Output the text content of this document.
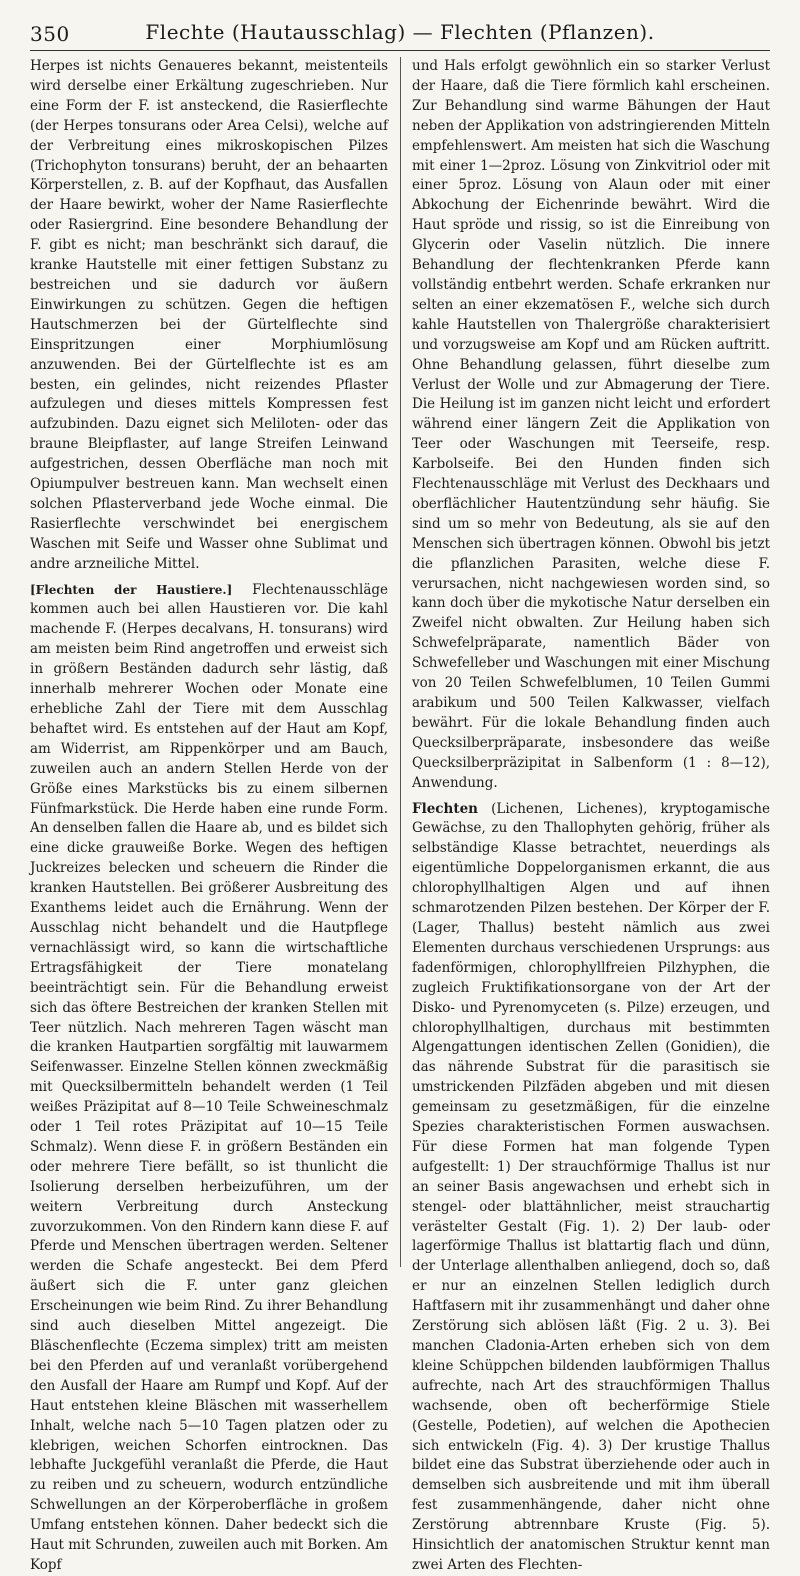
350	Flechte (Hautausschlag) — Flechten (Pflanzen).

Herpes ist nichts Genaueres bekannt, meistenteils wird derselbe einer Erkältung zugeschrieben. Nur eine Form der F. ist ansteckend, die Rasierflechte (der Herpes tonsurans oder Area Celsi), welche auf der Verbreitung eines mikroskopischen Pilzes (Trichophyton tonsurans) beruht, der an behaarten Körperstellen, z. B. auf der Kopfhaut, das Ausfallen der Haare bewirkt, woher der Name Rasierflechte oder Rasiergrind. Eine besondere Behandlung der F. gibt es nicht; man beschränkt sich darauf, die kranke Hautstelle mit einer fettigen Substanz zu bestreichen und sie dadurch vor äußern Einwirkungen zu schützen. Gegen die heftigen Hautschmerzen bei der Gürtelflechte sind Einspritzungen einer Morphiumlösung anzuwenden. Bei der Gürtelflechte ist es am besten, ein gelindes, nicht reizendes Pflaster aufzulegen und dieses mittels Kompressen fest aufzubinden. Dazu eignet sich Meliloten- oder das braune Bleipflaster, auf lange Streifen Leinwand aufgestrichen, dessen Oberfläche man noch mit Opiumpulver bestreuen kann. Man wechselt einen solchen Pflasterverband jede Woche einmal. Die Rasierflechte verschwindet bei energischem Waschen mit Seife und Wasser ohne Sublimat und andre arzneiliche Mittel.

[Flechten der Haustiere.] Flechtenausschläge kommen auch bei allen Haustieren vor. Die kahl machende F. (Herpes decalvans, H. tonsurans) wird am meisten beim Rind angetroffen und erweist sich in größern Beständen dadurch sehr lästig, daß innerhalb mehrerer Wochen oder Monate eine erhebliche Zahl der Tiere mit dem Ausschlag behaftet wird. Es entstehen auf der Haut am Kopf, am Widerrist, am Rippenkörper und am Bauch, zuweilen auch an andern Stellen Herde von der Größe eines Markstücks bis zu einem silbernen Fünfmarkstück. Die Herde haben eine runde Form. An denselben fallen die Haare ab, und es bildet sich eine dicke grauweiße Borke. Wegen des heftigen Juckreizes belecken und scheuern die Rinder die kranken Hautstellen. Bei größerer Ausbreitung des Exanthems leidet auch die Ernährung. Wenn der Ausschlag nicht behandelt und die Hautpflege vernachlässigt wird, so kann die wirtschaftliche Ertragsfähigkeit der Tiere monatelang beeinträchtigt sein. Für die Behandlung erweist sich das öftere Bestreichen der kranken Stellen mit Teer nützlich. Nach mehreren Tagen wäscht man die kranken Hautpartien sorgfältig mit lauwarmem Seifenwasser. Einzelne Stellen können zweckmäßig mit Quecksilbermitteln behandelt werden (1 Teil weißes Präzipitat auf 8—10 Teile Schweineschmalz oder 1 Teil rotes Präzipitat auf 10—15 Teile Schmalz). Wenn diese F. in größern Beständen ein oder mehrere Tiere befällt, so ist thunlicht die Isolierung derselben herbeizuführen, um der weitern Verbreitung durch Ansteckung zuvorzukommen. Von den Rindern kann diese F. auf Pferde und Menschen übertragen werden. Seltener werden die Schafe angesteckt. Bei dem Pferd äußert sich die F. unter ganz gleichen Erscheinungen wie beim Rind. Zu ihrer Behandlung sind auch dieselben Mittel angezeigt. Die Bläschenflechte (Eczema simplex) tritt am meisten bei den Pferden auf und veranlaßt vorübergehend den Ausfall der Haare am Rumpf und Kopf. Auf der Haut entstehen kleine Bläschen mit wasserhellem Inhalt, welche nach 5—10 Tagen platzen oder zu klebrigen, weichen Schorfen eintrocknen. Das lebhafte Juckgefühl veranlaßt die Pferde, die Haut zu reiben und zu scheuern, wodurch entzündliche Schwellungen an der Körperoberfläche in großem Umfang entstehen können. Daher bedeckt sich die Haut mit Schrunden, zuweilen auch mit Borken. Am Kopf

und Hals erfolgt gewöhnlich ein so starker Verlust der Haare, daß die Tiere förmlich kahl erscheinen. Zur Behandlung sind warme Bähungen der Haut neben der Applikation von adstringierenden Mitteln empfehlenswert. Am meisten hat sich die Waschung mit einer 1—2proz. Lösung von Zinkvitriol oder mit einer 5proz. Lösung von Alaun oder mit einer Abkochung der Eichenrinde bewährt. Wird die Haut spröde und rissig, so ist die Einreibung von Glycerin oder Vaselin nützlich. Die innere Behandlung der flechtenkranken Pferde kann vollständig entbehrt werden. Schafe erkranken nur selten an einer ekzematösen F., welche sich durch kahle Hautstellen von Thalergröße charakterisiert und vorzugsweise am Kopf und am Rücken auftritt. Ohne Behandlung gelassen, führt dieselbe zum Verlust der Wolle und zur Abmagerung der Tiere. Die Heilung ist im ganzen nicht leicht und erfordert während einer längern Zeit die Applikation von Teer oder Waschungen mit Teerseife, resp. Karbolseife. Bei den Hunden finden sich Flechtenausschläge mit Verlust des Deckhaars und oberflächlicher Hautentzündung sehr häufig. Sie sind um so mehr von Bedeutung, als sie auf den Menschen sich übertragen können. Obwohl bis jetzt die pflanzlichen Parasiten, welche diese F. verursachen, nicht nachgewiesen worden sind, so kann doch über die mykotische Natur derselben ein Zweifel nicht obwalten. Zur Heilung haben sich Schwefelpräparate, namentlich Bäder von Schwefelleber und Waschungen mit einer Mischung von 20 Teilen Schwefelblumen, 10 Teilen Gummi arabikum und 500 Teilen Kalkwasser, vielfach bewährt. Für die lokale Behandlung finden auch Quecksilberpräparate, insbesondere das weiße Quecksilberpräzipitat in Salbenform (1 : 8—12), Anwendung.

Flechten (Lichenen, Lichenes), kryptogamische Gewächse, zu den Thallophyten gehörig, früher als selbständige Klasse betrachtet, neuerdings als eigentümliche Doppelorganismen erkannt, die aus chlorophyllhaltigen Algen und auf ihnen schmarotzenden Pilzen bestehen. Der Körper der F. (Lager, Thallus) besteht nämlich aus zwei Elementen durchaus verschiedenen Ursprungs: aus fadenförmigen, chlorophyllfreien Pilzhyphen, die zugleich Fruktifikationsorgane von der Art der Disko- und Pyrenomyceten (s. Pilze) erzeugen, und chlorophyllhaltigen, durchaus mit bestimmten Algengattungen identischen Zellen (Gonidien), die das nährende Substrat für die parasitisch sie umstrickenden Pilzfäden abgeben und mit diesen gemeinsam zu gesetzmäßigen, für die einzelne Spezies charakteristischen Formen auswachsen. Für diese Formen hat man folgende Typen aufgestellt: 1) Der strauchförmige Thallus ist nur an seiner Basis angewachsen und erhebt sich in stengel- oder blattähnlicher, meist strauchartig verästelter Gestalt (Fig. 1). 2) Der laub- oder lagerförmige Thallus ist blattartig flach und dünn, der Unterlage allenthalben anliegend, doch so, daß er nur an einzelnen Stellen lediglich durch Haftfasern mit ihr zusammenhängt und daher ohne Zerstörung sich ablösen läßt (Fig. 2 u. 3). Bei manchen Cladonia-Arten erheben sich von dem kleine Schüppchen bildenden laubförmigen Thallus aufrechte, nach Art des strauchförmigen Thallus wachsende, oben oft becherförmige Stiele (Gestelle, Podetien), auf welchen die Apothecien sich entwickeln (Fig. 4). 3) Der krustige Thallus bildet eine das Substrat überziehende oder auch in demselben sich ausbreitende und mit ihm überall fest zusammenhängende, daher nicht ohne Zerstörung abtrennbare Kruste (Fig. 5). Hinsichtlich der anatomischen Struktur kennt man zwei Arten des Flechten-
